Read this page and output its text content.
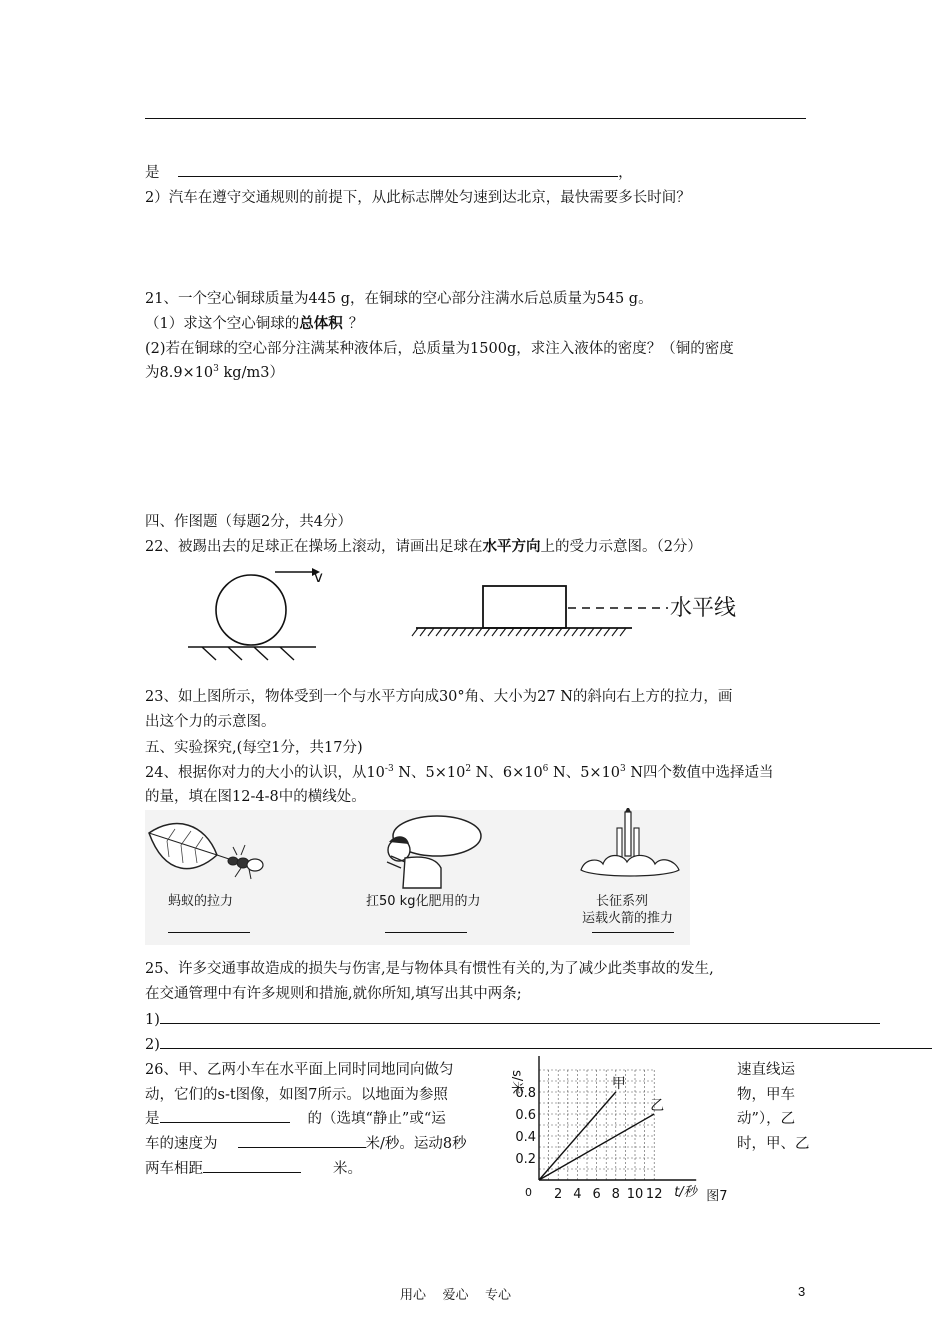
是	，
2）汽车在遵守交通规则的前提下，从此标志牌处匀速到达北京，最快需要多长时间？
21、一个空心铜球质量为445 g，在铜球的空心部分注满水后总质量为545 g。
（1）求这个空心铜球的总体积 ？
(2)若在铜球的空心部分注满某种液体后，总质量为1500g，求注入液体的密度？（铜的密度
为$8.9\times 10^3$ kg/m3）
四、作图题（每题2分，共4分）
22、被踢出去的足球正在操场上滚动，请画出足球在水平方向上的受力示意图。（2分）
v
水平线
23、如上图所示，物体受到一个与水平方向成30°角、大小为27 N的斜向右上方的拉力，画
出这个力的示意图。
五、实验探究,(每空1分，共17分)
24、根据你对力的大小的认识，从$10^{-3}$ N、$5\times 10^2$ N、$6\times 10^6$ N、$5\times 10^3$ N四个数值中选择适当
的量，填在图12-4-8中的横线处。
蚂蚁的拉力	扛50 kg化肥用的力	长征系列
运载火箭的推力
25、许多交通事故造成的损失与伤害,是与物体具有惯性有关的,为了减少此类事故的发生,
在交通管理中有许多规则和措施,就你所知,填写出其中两条;
1)
2)
26、甲、乙两小车在水平面上同时同地同向做匀	速直线运
动，它们的s-t图像，如图7所示。以地面为参照	物，甲车
是	的（选填“静止”或“运	动”），乙
车的速度为	米/秒。运动8秒	时，甲、乙
两车相距	米。
2 4 6 8 10 12
0.2
0.4
0.6
0.8
0
甲
乙
s/米
t/秒 图7
用心    爱心    专心	3
